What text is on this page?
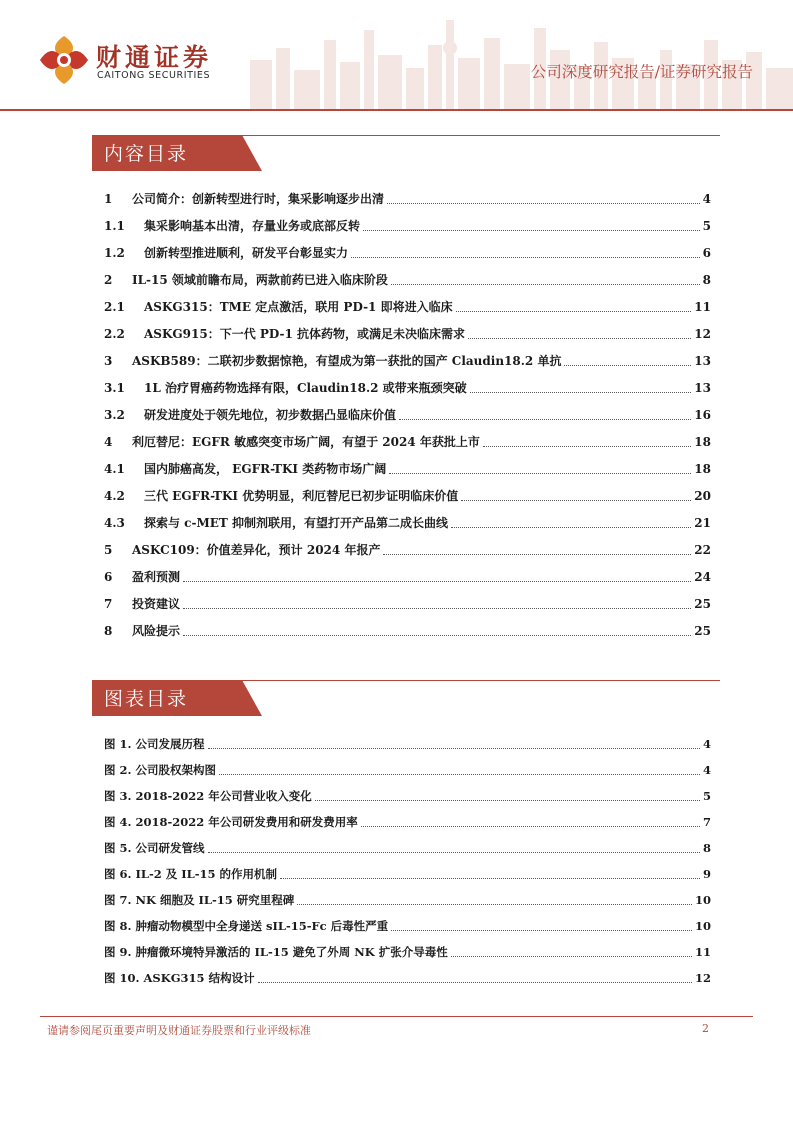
财通证券
CAITONG SECURITIES	公司深度研究报告/证券研究报告
内容目录
1	公司简介：创新转型进行时，集采影响逐步出清	4
1.1	集采影响基本出清，存量业务或底部反转	5
1.2	创新转型推进顺利，研发平台彰显实力	6
2	IL-15 领域前瞻布局，两款前药已进入临床阶段	8
2.1	ASKG315：TME 定点激活，联用 PD-1 即将进入临床	11
2.2	ASKG915：下一代 PD-1 抗体药物，或满足未决临床需求	12
3	ASKB589：二联初步数据惊艳，有望成为第一获批的国产 Claudin18.2 单抗	13
3.1	1L 治疗胃癌药物选择有限，Claudin18.2 或带来瓶颈突破	13
3.2	研发进度处于领先地位，初步数据凸显临床价值	16
4	利厄替尼：EGFR 敏感突变市场广阔，有望于 2024 年获批上市	18
4.1	国内肺癌高发， EGFR-TKI 类药物市场广阔	18
4.2	三代 EGFR-TKI 优势明显，利厄替尼已初步证明临床价值	20
4.3	探索与 c-MET 抑制剂联用，有望打开产品第二成长曲线	21
5	ASKC109：价值差异化，预计 2024 年报产	22
6	盈利预测	24
7	投资建议	25
8	风险提示	25
图表目录
图 1. 公司发展历程	4
图 2. 公司股权架构图	4
图 3. 2018-2022 年公司营业收入变化	5
图 4. 2018-2022 年公司研发费用和研发费用率	7
图 5. 公司研发管线	8
图 6. IL-2 及 IL-15 的作用机制	9
图 7. NK 细胞及 IL-15 研究里程碑	10
图 8. 肿瘤动物模型中全身递送 sIL-15-Fc 后毒性严重	10
图 9. 肿瘤微环境特异激活的 IL-15 避免了外周 NK 扩张介导毒性	11
图 10. ASKG315 结构设计	12
谨请参阅尾页重要声明及财通证券股票和行业评级标准	2
